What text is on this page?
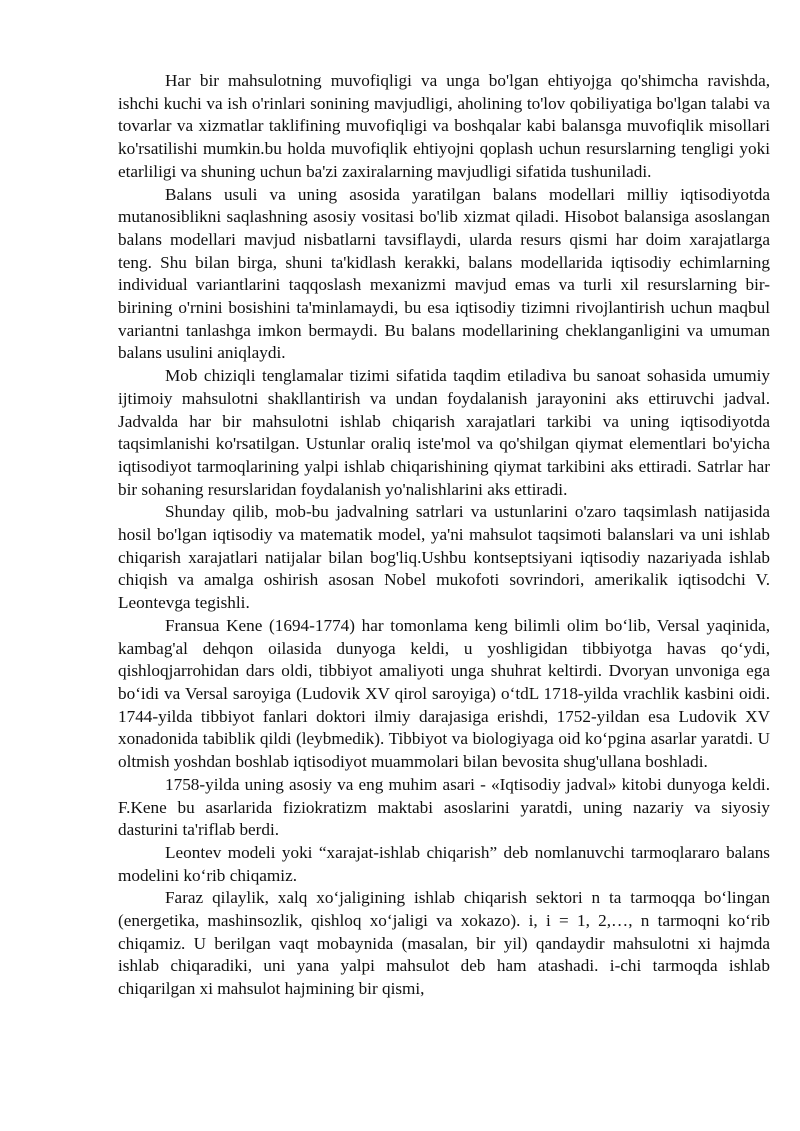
Har bir mahsulotning muvofiqligi va unga bo'lgan ehtiyojga qo'shimcha ravishda, ishchi kuchi va ish o'rinlari sonining mavjudligi, aholining to'lov qobiliyatiga bo'lgan talabi va tovarlar va xizmatlar taklifining muvofiqligi va boshqalar kabi balansga muvofiqlik misollari ko'rsatilishi mumkin.bu holda muvofiqlik ehtiyojni qoplash uchun resurslarning tengligi yoki etarliligi va shuning uchun ba'zi zaxiralarning mavjudligi sifatida tushuniladi.

Balans usuli va uning asosida yaratilgan balans modellari milliy iqtisodiyotda mutanosiblikni saqlashning asosiy vositasi bo'lib xizmat qiladi. Hisobot balansiga asoslangan balans modellari mavjud nisbatlarni tavsiflaydi, ularda resurs qismi har doim xarajatlarga teng. Shu bilan birga, shuni ta'kidlash kerakki, balans modellarida iqtisodiy echimlarning individual variantlarini taqqoslash mexanizmi mavjud emas va turli xil resurslarning bir-birining o'rnini bosishini ta'minlamaydi, bu esa iqtisodiy tizimni rivojlantirish uchun maqbul variantni tanlashga imkon bermaydi. Bu balans modellarining cheklanganligini va umuman balans usulini aniqlaydi.

Mob chiziqli tenglamalar tizimi sifatida taqdim etiladiva bu sanoat sohasida umumiy ijtimoiy mahsulotni shakllantirish va undan foydalanish jarayonini aks ettiruvchi jadval. Jadvalda har bir mahsulotni ishlab chiqarish xarajatlari tarkibi va uning iqtisodiyotda taqsimlanishi ko'rsatilgan. Ustunlar oraliq iste'mol va qo'shilgan qiymat elementlari bo'yicha iqtisodiyot tarmoqlarining yalpi ishlab chiqarishining qiymat tarkibini aks ettiradi. Satrlar har bir sohaning resurslaridan foydalanish yo'nalishlarini aks ettiradi.

Shunday qilib, mob-bu jadvalning satrlari va ustunlarini o'zaro taqsimlash natijasida hosil bo'lgan iqtisodiy va matematik model, ya'ni mahsulot taqsimoti balanslari va uni ishlab chiqarish xarajatlari natijalar bilan bog'liq.Ushbu kontseptsiyani iqtisodiy nazariyada ishlab chiqish va amalga oshirish asosan Nobel mukofoti sovrindori, amerikalik iqtisodchi V. Leontevga tegishli.

Fransua Kene (1694-1774) har tomonlama keng bilimli olim bo‘lib, Versal yaqinida, kambag'al dehqon oilasida dunyoga keldi, u yoshligidan tibbiyotga havas qo‘ydi, qishloqjarrohidan dars oldi, tibbiyot amaliyoti unga shuhrat keltirdi. Dvoryan unvoniga ega bo‘idi va Versal saroyiga (Ludovik XV qirol saroyiga) o‘tdL 1718-yilda vrachlik kasbini oidi. 1744-yilda tibbiyot fanlari doktori ilmiy darajasiga erishdi, 1752-yildan esa Ludovik XV xonadonida tabiblik qildi (leybmedik). Tibbiyot va biologiyaga oid ko‘pgina asarlar yaratdi. U oltmish yoshdan boshlab iqtisodiyot muammolari bilan bevosita shug'ullana boshladi.

1758-yilda uning asosiy va eng muhim asari - «Iqtisodiy jadval» kitobi dunyoga keldi. F.Kene bu asarlarida fiziokratizm maktabi asoslarini yaratdi, uning nazariy va siyosiy dasturini ta'riflab berdi.

Leontev modeli yoki “xarajat-ishlab chiqarish” deb nomlanuvchi tarmoqlararo balans modelini ko‘rib chiqamiz.

Faraz qilaylik, xalq xo‘jaligining ishlab chiqarish sektori n ta tarmoqqa bo‘lingan (energetika, mashinsozlik, qishloq xo‘jaligi va xokazo). i, i = 1, 2,…, n tarmoqni ko‘rib chiqamiz. U berilgan vaqt mobaynida (masalan, bir yil) qandaydir mahsulotni xi hajmda ishlab chiqaradiki, uni yana yalpi mahsulot deb ham atashadi. i-chi tarmoqda ishlab chiqarilgan xi mahsulot hajmining bir qismi,
